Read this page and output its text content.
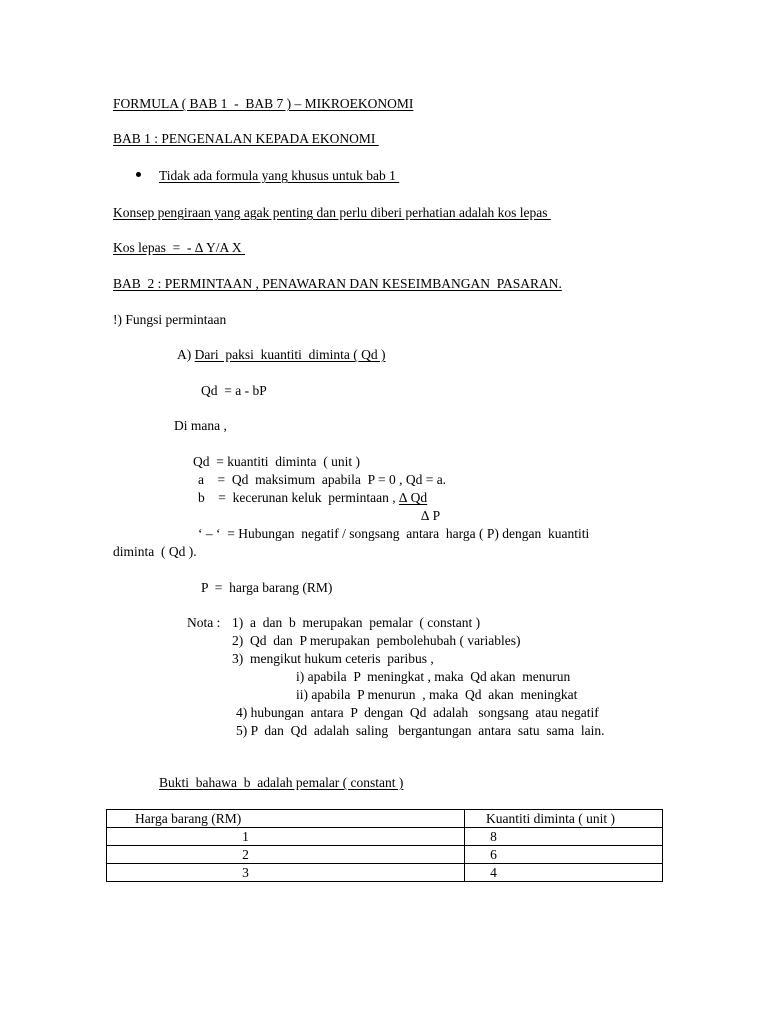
FORMULA ( BAB 1  -  BAB 7 ) – MIKROEKONOMI
BAB 1 : PENGENALAN KEPADA EKONOMI
Tidak ada formula yang khusus untuk bab 1
Konsep pengiraan yang agak penting dan perlu diberi perhatian adalah kos lepas
Kos lepas  =  - ∆ Y/A X
BAB  2 : PERMINTAAN , PENAWARAN DAN KESEIMBANGAN  PASARAN.
!) Fungsi permintaan
A) Dari  paksi  kuantiti  diminta ( Qd )
Qd  = a - bP
Di mana ,
Qd  = kuantiti  diminta  ( unit )
a    =  Qd  maksimum  apabila  P = 0 , Qd = a.
b    =  kecerunan keluk  permintaan , ∆ Qd
∆ P
‘ – ‘  = Hubungan  negatif / songsang  antara  harga ( P) dengan  kuantiti
diminta  ( Qd ).
P  =  harga barang (RM)
Nota : 1)  a  dan  b  merupakan  pemalar  ( constant )
2)  Qd  dan  P merupakan  pembolehubah ( variables)
3)  mengikut hukum ceteris  paribus ,
i) apabila  P  meningkat , maka  Qd akan  menurun
ii) apabila  P menurun  , maka  Qd  akan  meningkat
4) hubungan  antara  P  dengan  Qd  adalah   songsang  atau negatif
5) P  dan  Qd  adalah  saling   bergantungan  antara  satu  sama  lain.
Bukti  bahawa  b  adalah pemalar ( constant )
Harga barang (RM)	Kuantiti diminta ( unit )
1	8
2	6
3	4
